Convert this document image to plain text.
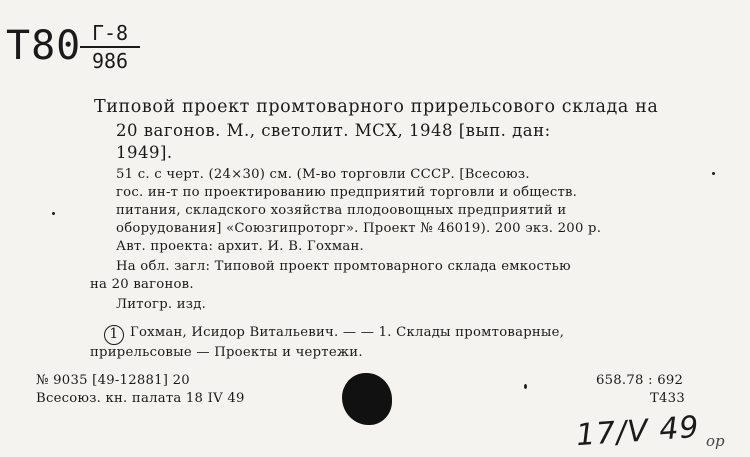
T80 Г-8
986
Типовой проект промтоварного прирельсового склада на
20 вагонов. М., светолит. МСХ, 1948 [вып. дан:
1949].
51 с. с черт. (24×30) см. (М-во торговли СССР. [Всесоюз.
гос. ин-т по проектированию предприятий торговли и обществ.
питания, складского хозяйства плодоовощных предприятий и
оборудования] «Союзгипроторг». Проект № 46019). 200 экз. 200 р.
Авт. проекта: архит. И. В. Гохман.
На обл. загл: Типовой проект промтоварного склада емкостью
на 20 вагонов.
Литогр. изд.
1 Гохман, Исидор Витальевич. — — 1. Склады промтоварные,
прирельсовые — Проекты и чертежи.
№ 9035 [49-12881] 20
Всесоюз. кн. палата 18 IV 49
658.78 : 692
Т433
17/V 49 ор
